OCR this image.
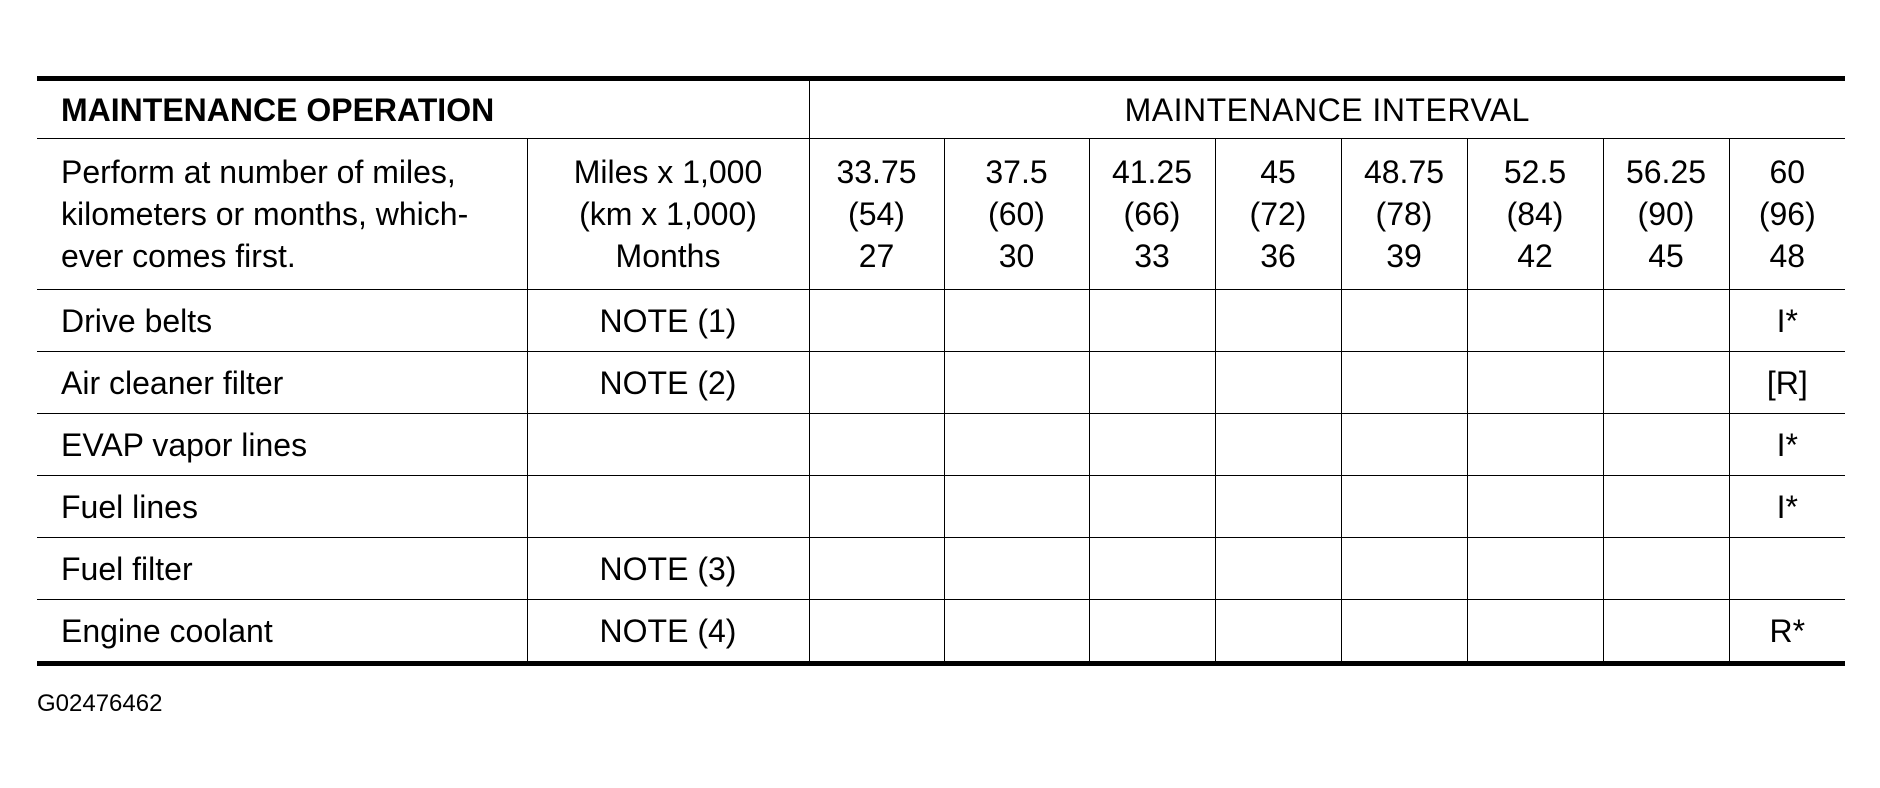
MAINTENANCE OPERATION		MAINTENANCE INTERVAL							

Perform at number of miles,
kilometers or months, which-
ever comes first.	Miles x 1,000
(km x 1,000)
Months	33.75
(54)
27	37.5
(60)
30	41.25
(66)
33	45
(72)
36	48.75
(78)
39	52.5
(84)
42	56.25
(90)
45	60
(96)
48

Drive belts	NOTE (1)								I*
Air cleaner filter	NOTE (2)								[R]
EVAP vapor lines									I*
Fuel lines									I*
Fuel filter	NOTE (3)								
Engine coolant	NOTE (4)								R*
G02476462
